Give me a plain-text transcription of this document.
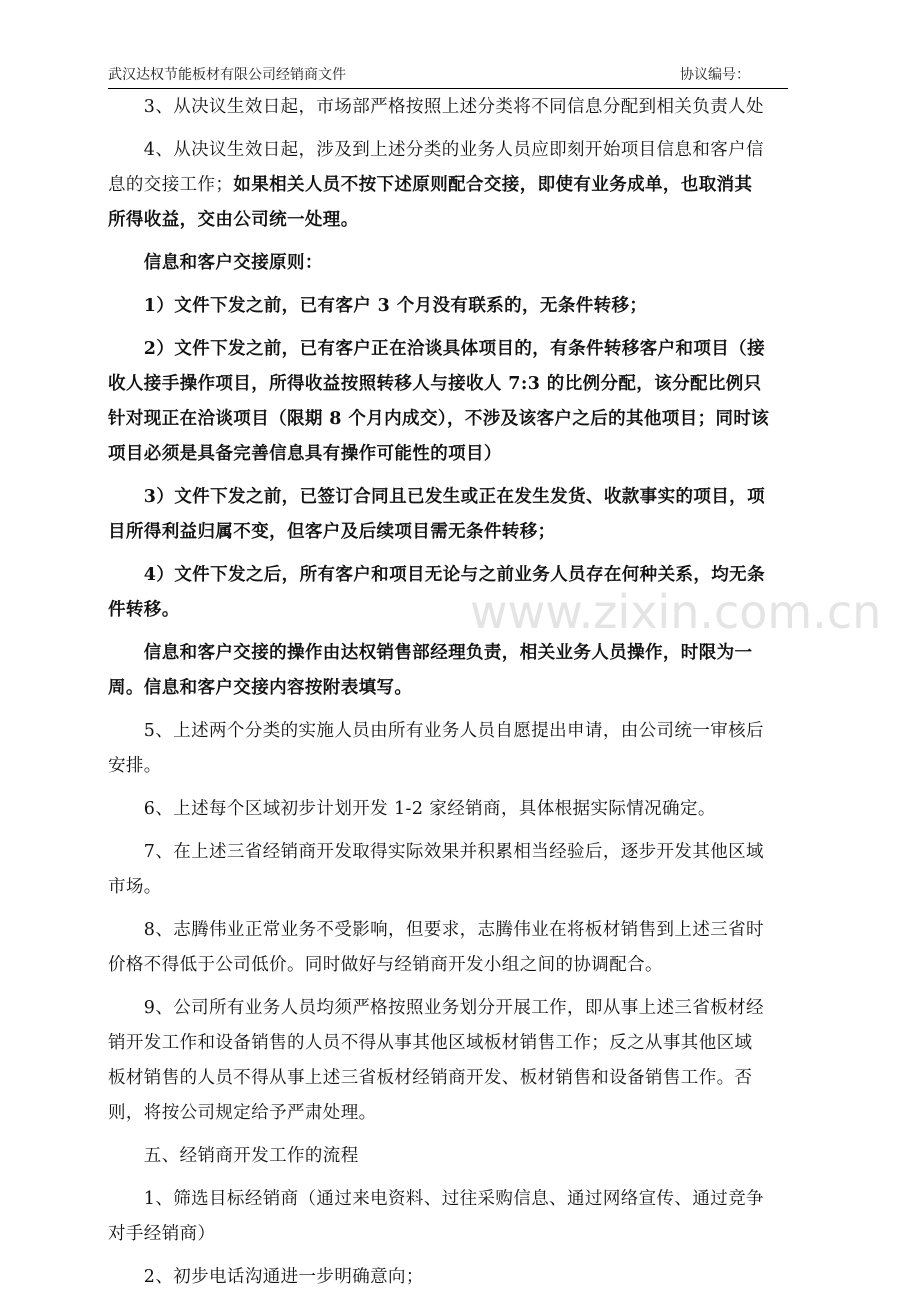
武汉达权节能板材有限公司经销商文件	协议编号：
www.zixin.com.cn
　　3、从决议生效日起，市场部严格按照上述分类将不同信息分配到相关负责人处
　　4、从决议生效日起，涉及到上述分类的业务人员应即刻开始项目信息和客户信
息的交接工作；如果相关人员不按下述原则配合交接，即使有业务成单，也取消其
所得收益，交由公司统一处理。
　　信息和客户交接原则：
　　1）文件下发之前，已有客户 3 个月没有联系的，无条件转移；
　　2）文件下发之前，已有客户正在洽谈具体项目的，有条件转移客户和项目（接
收人接手操作项目，所得收益按照转移人与接收人 7:3 的比例分配，该分配比例只
针对现正在洽谈项目（限期 8 个月内成交），不涉及该客户之后的其他项目；同时该
项目必须是具备完善信息具有操作可能性的项目）
　　3）文件下发之前，已签订合同且已发生或正在发生发货、收款事实的项目，项
目所得利益归属不变，但客户及后续项目需无条件转移；
　　4）文件下发之后，所有客户和项目无论与之前业务人员存在何种关系，均无条
件转移。
　　信息和客户交接的操作由达权销售部经理负责，相关业务人员操作，时限为一
周。信息和客户交接内容按附表填写。
　　5、上述两个分类的实施人员由所有业务人员自愿提出申请，由公司统一审核后
安排。
　　6、上述每个区域初步计划开发 1-2 家经销商，具体根据实际情况确定。
　　7、在上述三省经销商开发取得实际效果并积累相当经验后，逐步开发其他区域
市场。
　　8、志腾伟业正常业务不受影响，但要求，志腾伟业在将板材销售到上述三省时
价格不得低于公司低价。同时做好与经销商开发小组之间的协调配合。
　　9、公司所有业务人员均须严格按照业务划分开展工作，即从事上述三省板材经
销开发工作和设备销售的人员不得从事其他区域板材销售工作；反之从事其他区域
板材销售的人员不得从事上述三省板材经销商开发、板材销售和设备销售工作。否
则，将按公司规定给予严肃处理。
　　五、经销商开发工作的流程
　　1、筛选目标经销商（通过来电资料、过往采购信息、通过网络宣传、通过竞争
对手经销商）
　　2、初步电话沟通进一步明确意向；
